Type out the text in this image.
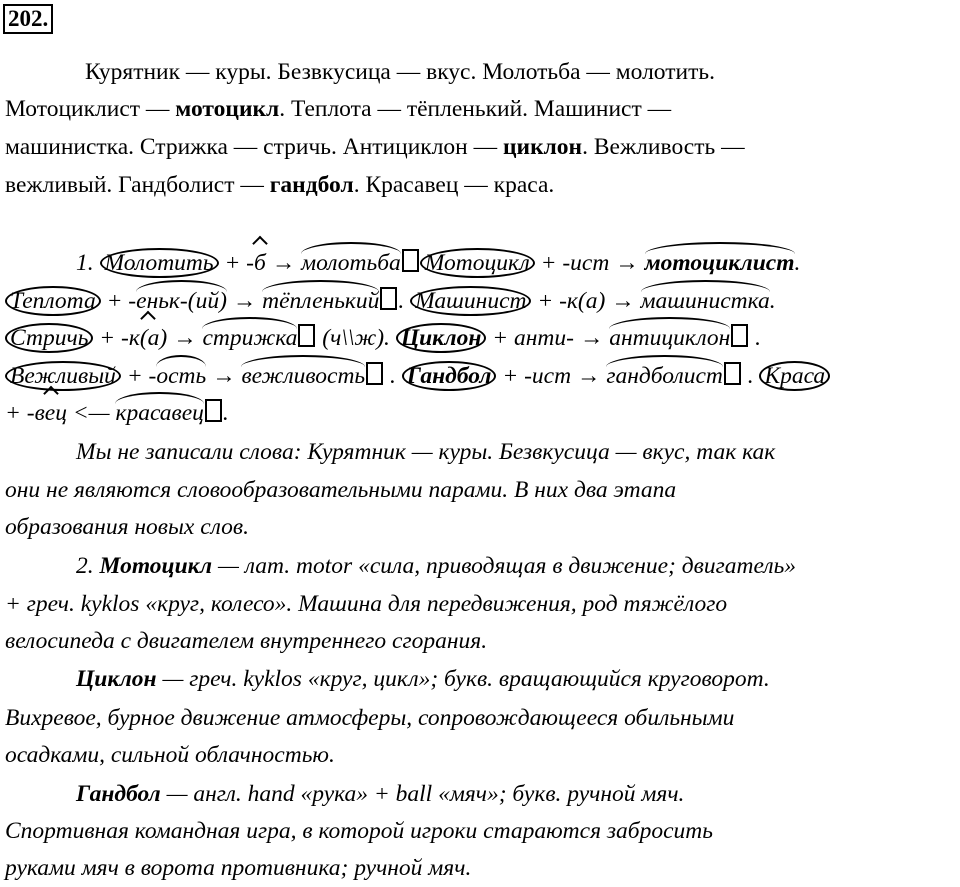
202.
Курятник — куры. Безвкусица — вкус. Молотьба — молотить.
Мотоциклист — мотоцикл. Теплота — тёпленький. Машинист —
машинистка. Стрижка — стричь. Антициклон — циклон. Вежливость —
вежливый. Гандболист — гандбол. Красавец — краса.
1. Молотить + -б → молотьба Мотоцикл + -ист → мотоциклист.
Теплота + -еньк-(ий) → тёпленький . Машинист + -к(а) → машинистка.
Стричь + -к(а) → стрижка (ч\\ж). Циклон + анти- → антициклон .
Вежливый + -ость → вежливость . Гандбол + -ист → гандболист . Краса
+ -вец <— красавец .
Мы не записали слова: Курятник — куры. Безвкусица — вкус, так как
они не являются словообразовательными парами. В них два этапа
образования новых слов.
2. Мотоцикл — лат. motor «сила, приводящая в движение; двигатель»
+ греч. kyklos «круг, колесо». Машина для передвижения, род тяжёлого
велосипеда с двигателем внутреннего сгорания.
Циклон — греч. kyklos «круг, цикл»; букв. вращающийся круговорот.
Вихревое, бурное движение атмосферы, сопровождающееся обильными
осадками, сильной облачностью.
Гандбол — англ. hand «рука» + ball «мяч»; букв. ручной мяч.
Спортивная командная игра, в которой игроки стараются забросить
руками мяч в ворота противника; ручной мяч.
